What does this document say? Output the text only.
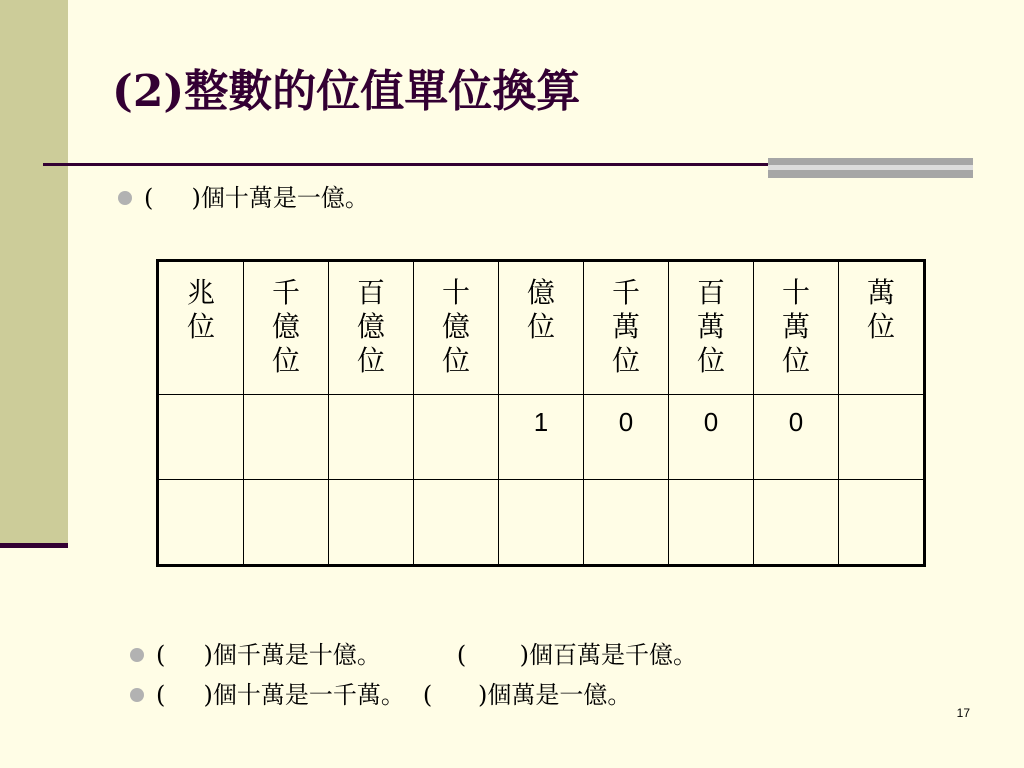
(2)整數的位值單位換算
(     ) 個十萬是一億。
兆位	千億位	百億位	十億位	億位	千萬位	百萬位	十萬位	萬位

				1	0	0	0	

(     ) 個千萬是十億。	(       ) 個百萬是千億。
(     ) 個十萬是一千萬。 (      ) 個萬是一億。
17
